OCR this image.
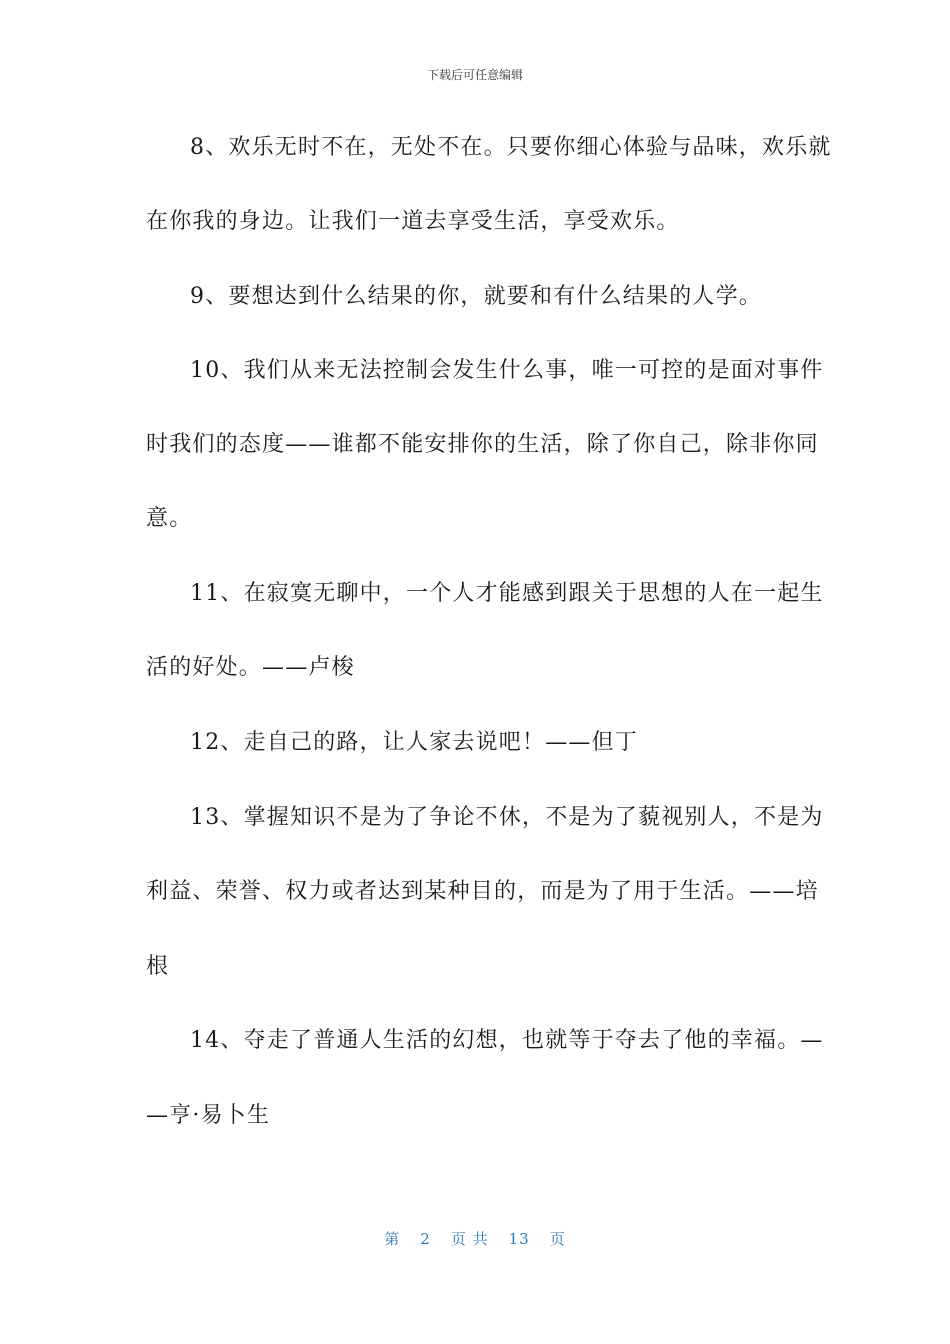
下载后可任意编辑
8、欢乐无时不在，无处不在。只要你细心体验与品味，欢乐就
在你我的身边。让我们一道去享受生活，享受欢乐。
9、要想达到什么结果的你，就要和有什么结果的人学。
10、我们从来无法控制会发生什么事，唯一可控的是面对事件
时我们的态度——谁都不能安排你的生活，除了你自己，除非你同
意。
11、在寂寞无聊中，一个人才能感到跟关于思想的人在一起生
活的好处。——卢梭
12、走自己的路，让人家去说吧！——但丁
13、掌握知识不是为了争论不休，不是为了藐视别人，不是为
利益、荣誉、权力或者达到某种目的，而是为了用于生活。——培
根
14、夺走了普通人生活的幻想，也就等于夺去了他的幸福。—
—亨·易卜生
第 2 页 共 13 页
